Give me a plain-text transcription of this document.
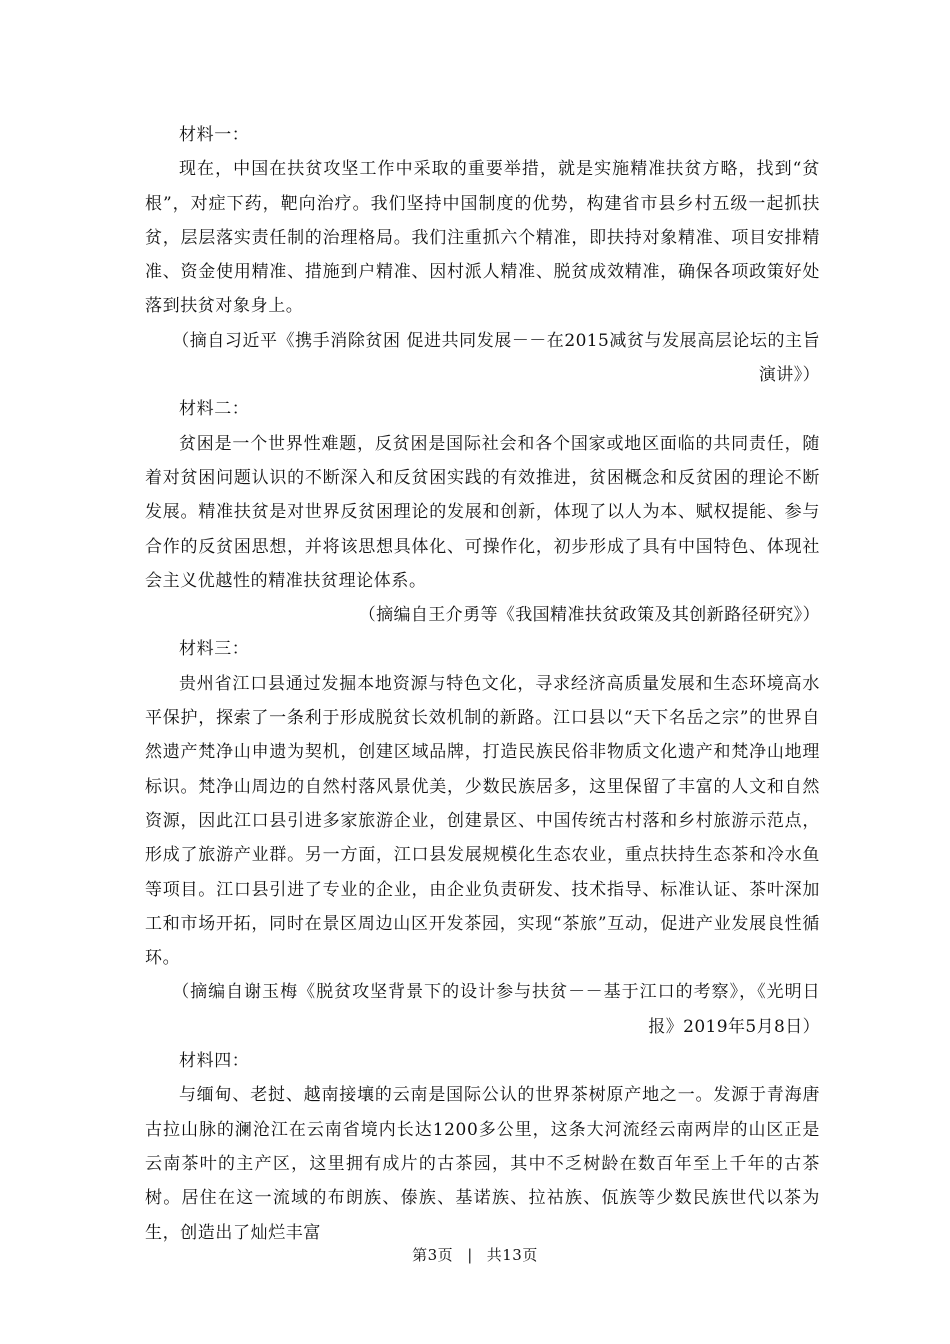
材料一：

现在，中国在扶贫攻坚工作中采取的重要举措，就是实施精准扶贫方略，找到“贫根”，对症下药，靶向治疗。我们坚持中国制度的优势，构建省市县乡村五级一起抓扶贫，层层落实责任制的治理格局。我们注重抓六个精准，即扶持对象精准、项目安排精准、资金使用精准、措施到户精准、因村派人精准、脱贫成效精准，确保各项政策好处落到扶贫对象身上。

（摘自习近平《携手消除贫困 促进共同发展－－在2015减贫与发展高层论坛的主旨演讲》）

材料二：

贫困是一个世界性难题，反贫困是国际社会和各个国家或地区面临的共同责任，随着对贫困问题认识的不断深入和反贫困实践的有效推进，贫困概念和反贫困的理论不断发展。精准扶贫是对世界反贫困理论的发展和创新，体现了以人为本、赋权提能、参与合作的反贫困思想，并将该思想具体化、可操作化，初步形成了具有中国特色、体现社会主义优越性的精准扶贫理论体系。

（摘编自王介勇等《我国精准扶贫政策及其创新路径研究》）

材料三：

贵州省江口县通过发掘本地资源与特色文化，寻求经济高质量发展和生态环境高水平保护，探索了一条利于形成脱贫长效机制的新路。江口县以“天下名岳之宗”的世界自然遗产梵净山申遗为契机，创建区域品牌，打造民族民俗非物质文化遗产和梵净山地理标识。梵净山周边的自然村落风景优美，少数民族居多，这里保留了丰富的人文和自然资源，因此江口县引进多家旅游企业，创建景区、中国传统古村落和乡村旅游示范点，形成了旅游产业群。另一方面，江口县发展规模化生态农业，重点扶持生态茶和冷水鱼等项目。江口县引进了专业的企业，由企业负责研发、技术指导、标准认证、茶叶深加工和市场开拓，同时在景区周边山区开发茶园，实现“茶旅”互动，促进产业发展良性循环。

（摘编自谢玉梅《脱贫攻坚背景下的设计参与扶贫－－基于江口的考察》，《光明日报》2019年5月8日）

材料四：

与缅甸、老挝、越南接壤的云南是国际公认的世界茶树原产地之一。发源于青海唐古拉山脉的澜沧江在云南省境内长达1200多公里，这条大河流经云南两岸的山区正是云南茶叶的主产区，这里拥有成片的古茶园，其中不乏树龄在数百年至上千年的古茶树。居住在这一流域的布朗族、傣族、基诺族、拉祜族、佤族等少数民族世代以茶为生，创造出了灿烂丰富

第3页 | 共13页
